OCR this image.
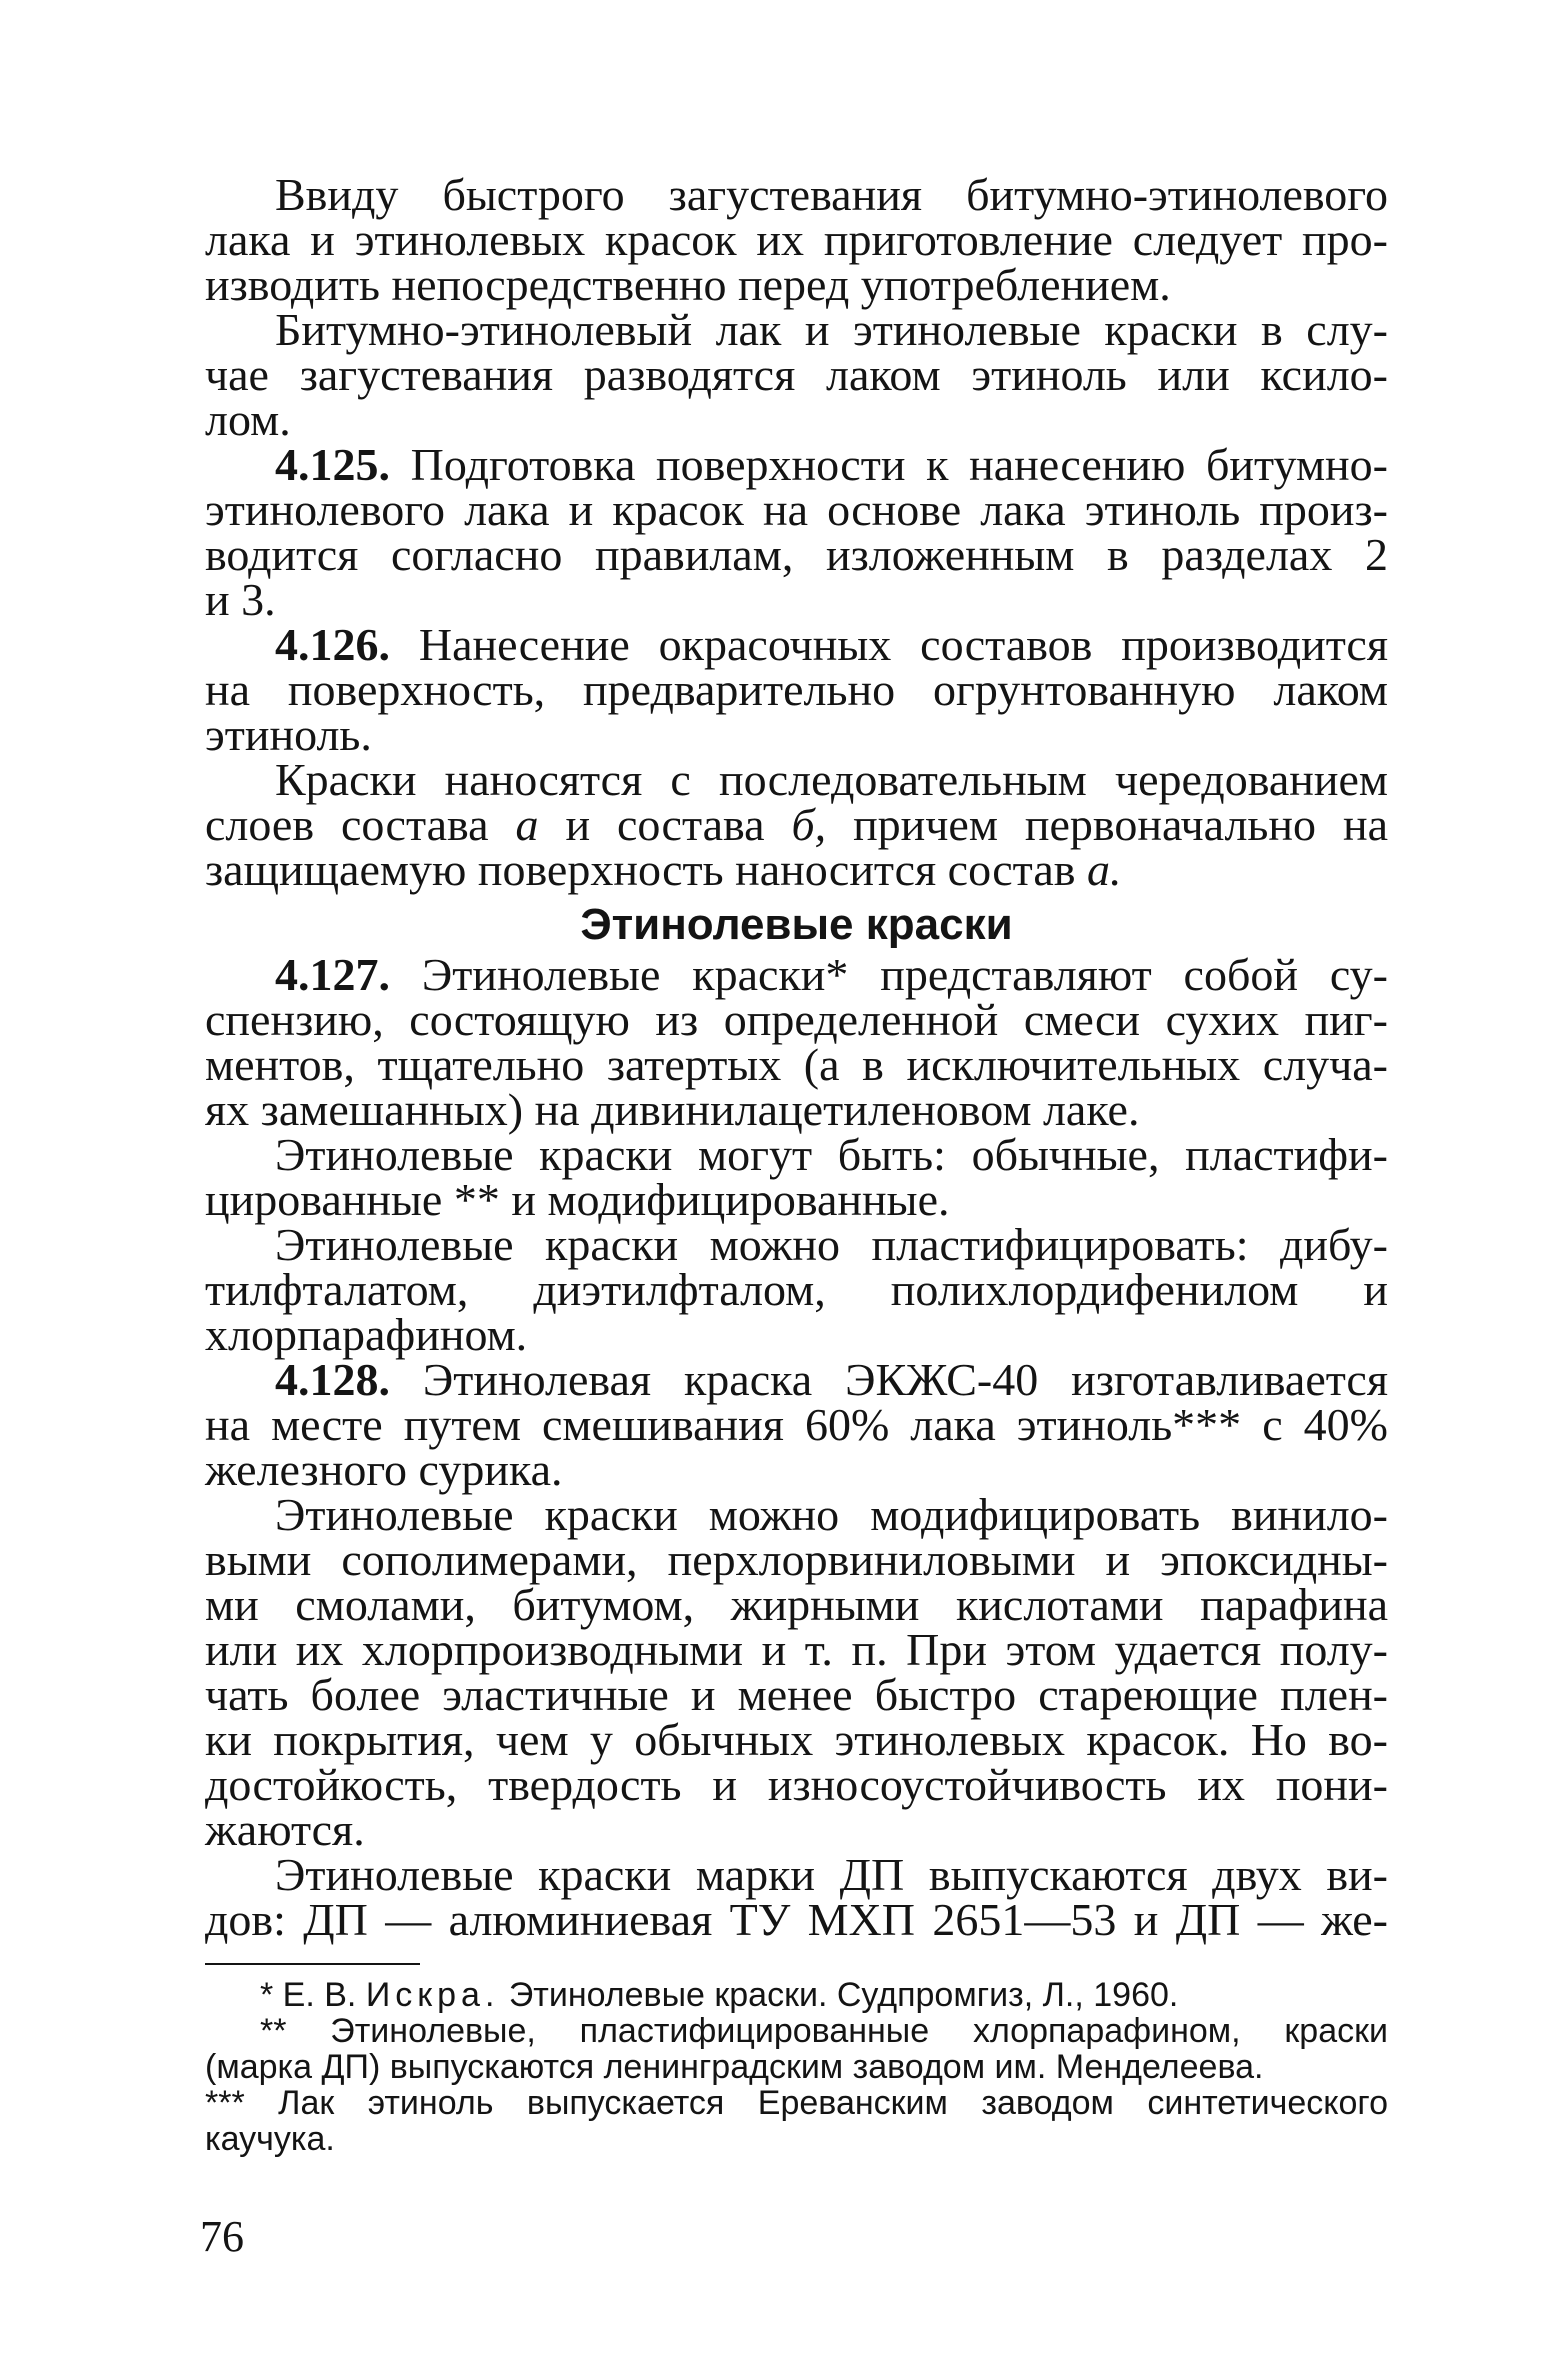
Ввиду быстрого загустевания битумно-этинолевого

лака и этинолевых красок их приготовление следует про-

изводить непосредственно перед употреблением.

Битумно-этинолевый лак и этинолевые краски в слу-

чае загустевания разводятся лаком этиноль или ксило-

лом.

4.125. Подготовка поверхности к нанесению битумно-

этинолевого лака и красок на основе лака этиноль произ-

водится согласно правилам, изложенным в разделах 2

и 3.

4.126. Нанесение окрасочных составов производится

на поверхность, предварительно огрунтованную лаком

этиноль.

Краски наносятся с последовательным чередованием

слоев состава а и состава б, причем первоначально на

защищаемую поверхность наносится состав а.

Этинолевые краски

4.127. Этинолевые краски* представляют собой су-

спензию, состоящую из определенной смеси сухих пиг-

ментов, тщательно затертых (а в исключительных случа-

ях замешанных) на дивинилацетиленовом лаке.

Этинолевые краски могут быть: обычные, пластифи-

цированные ** и модифицированные.

Этинолевые краски можно пластифицировать: дибу-

тилфталатом, диэтилфталом, полихлордифенилом и

хлорпарафином.

4.128. Этинолевая краска ЭКЖС-40 изготавливается

на месте путем смешивания 60% лака этиноль*** с 40%

железного сурика.

Этинолевые краски можно модифицировать винило-

выми сополимерами, перхлорвиниловыми и эпоксидны-

ми смолами, битумом, жирными кислотами парафина

или их хлорпроизводными и т. п. При этом удается полу-

чать более эластичные и менее быстро стареющие плен-

ки покрытия, чем у обычных этинолевых красок. Но во-

достойкость, твердость и износоустойчивость их пони-

жаются.

Этинолевые краски марки ДП выпускаются двух ви-

дов: ДП — алюминиевая ТУ МХП 2651—53 и ДП — же-

* Е. В. Искра. Этинолевые краски. Судпромгиз, Л., 1960.

** Этинолевые, пластифицированные хлорпарафином, краски

(марка ДП) выпускаются ленинградским заводом им. Менделеева.

*** Лак этиноль выпускается Ереванским заводом синтетического

каучука.

76
